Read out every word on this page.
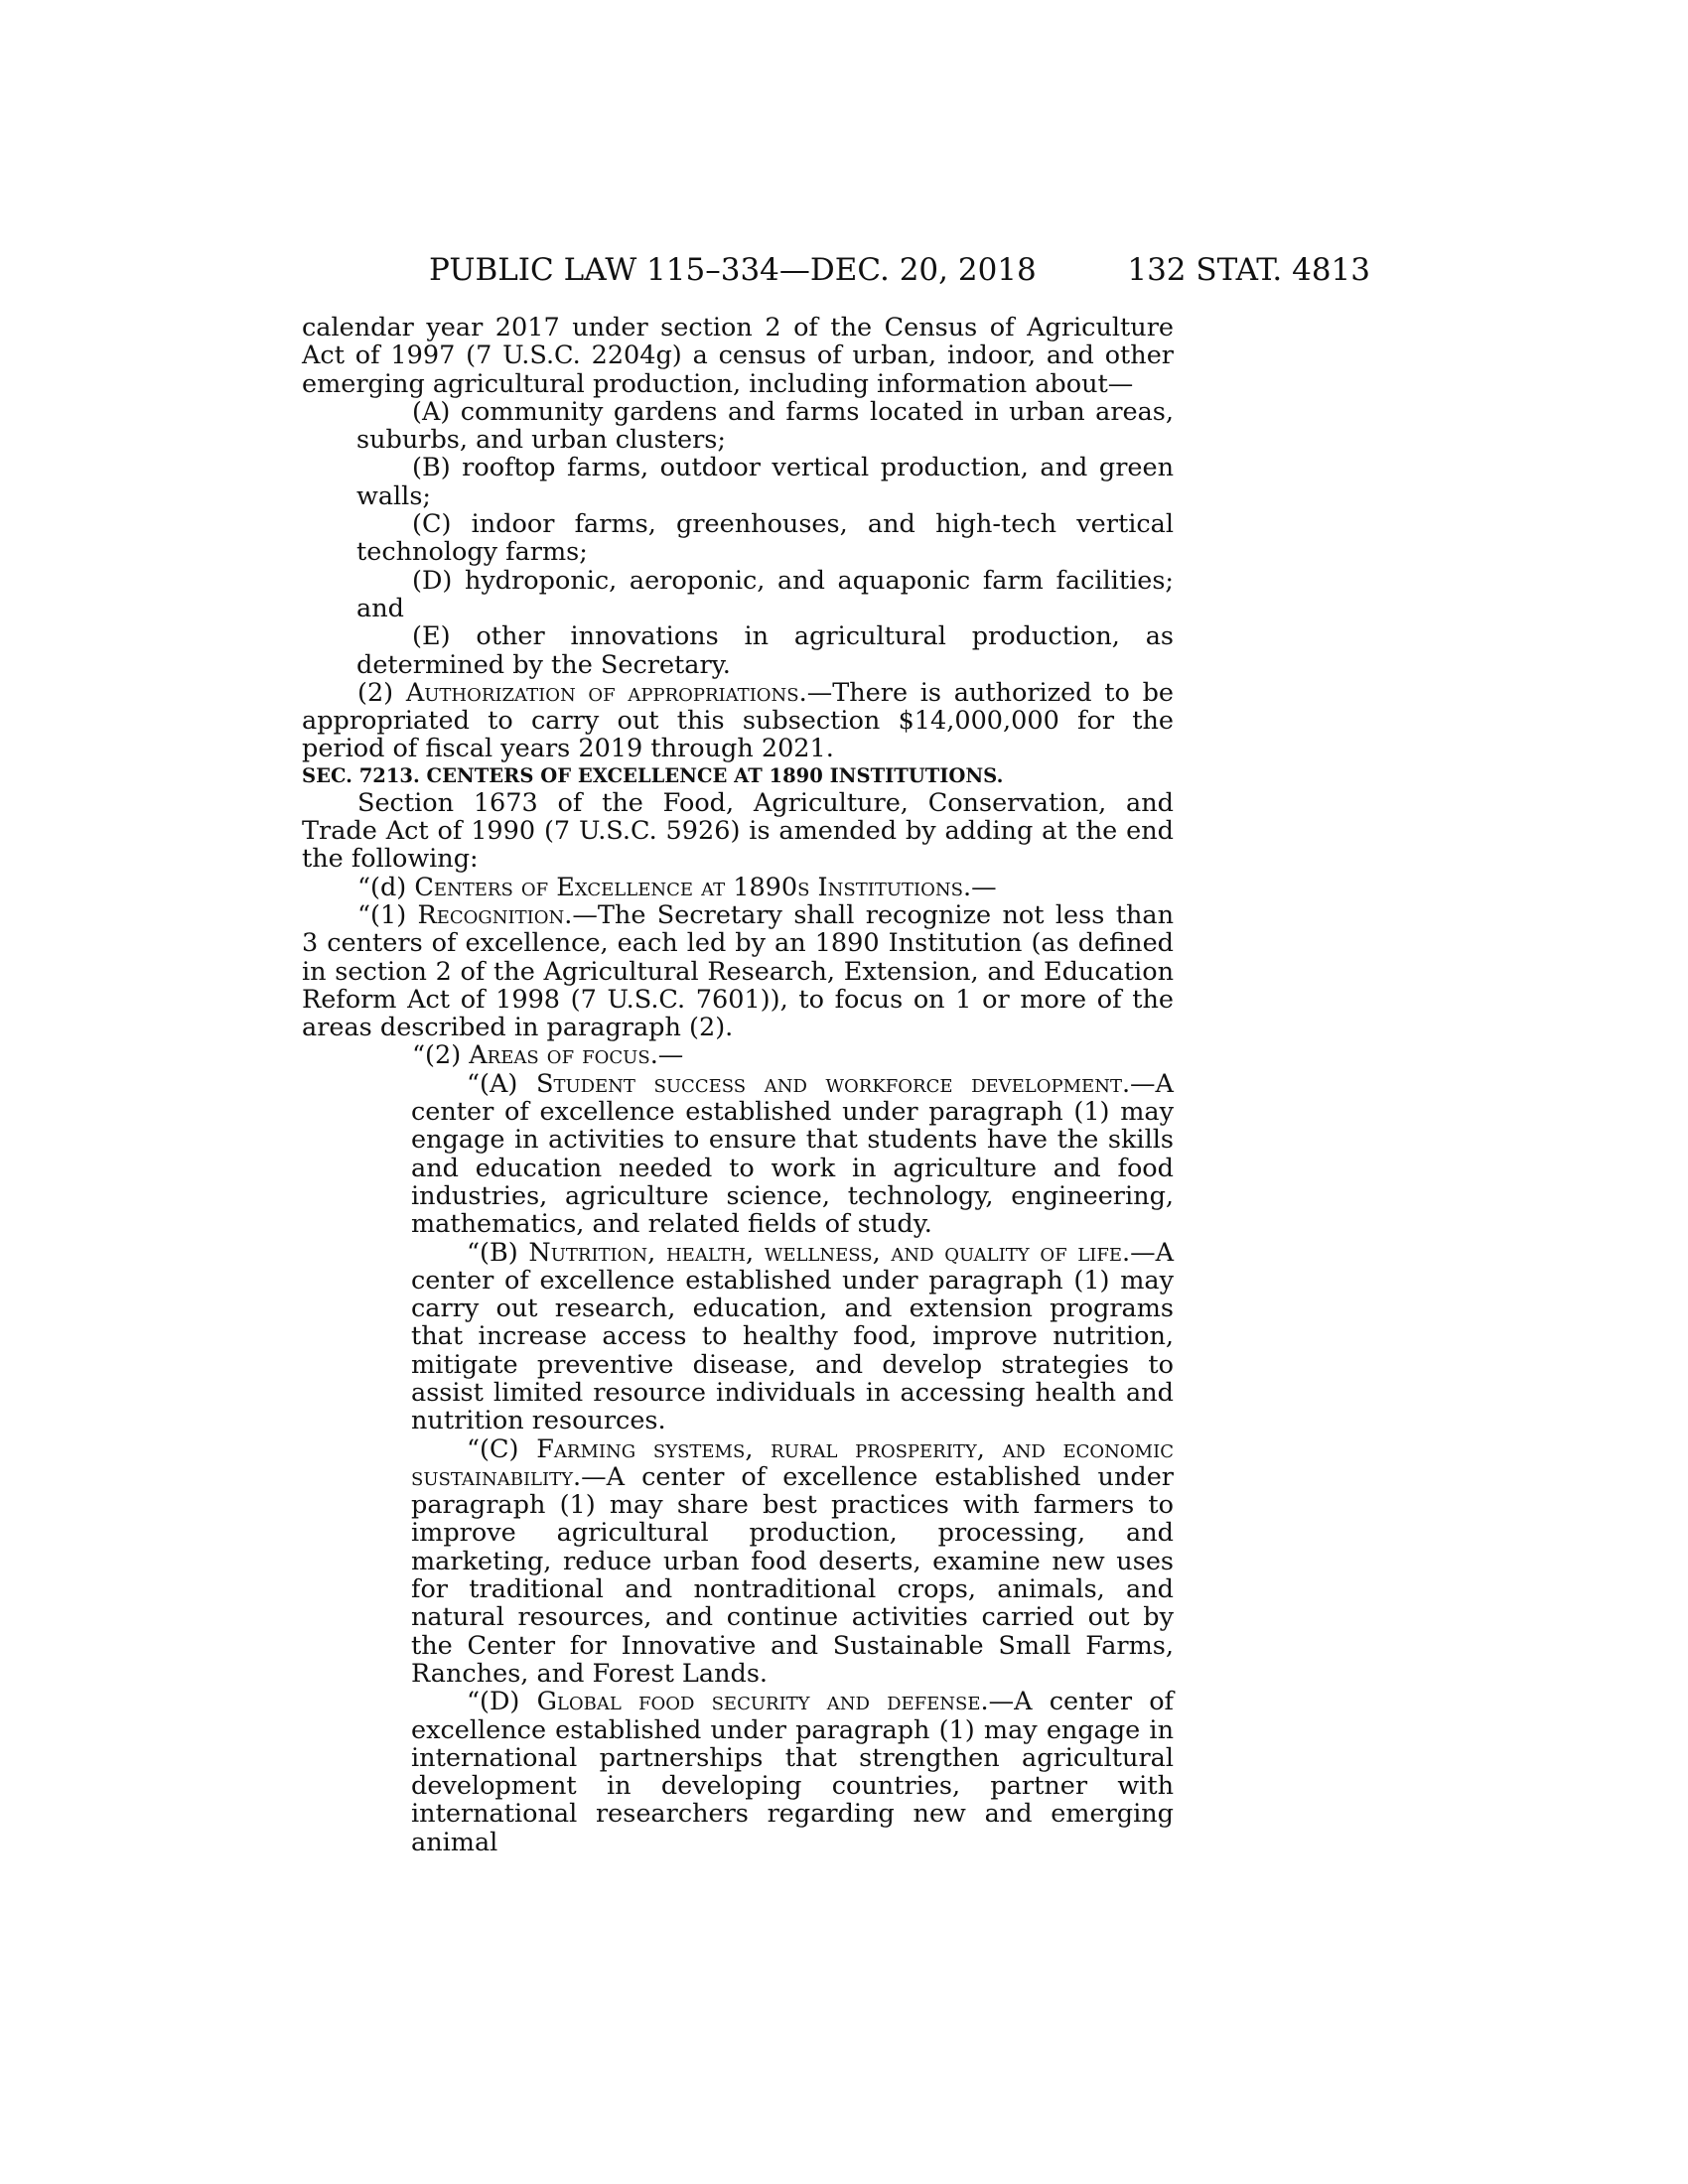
PUBLIC LAW 115–334—DEC. 20, 2018	132 STAT. 4813

calendar year 2017 under section 2 of the Census of Agriculture Act of 1997 (7 U.S.C. 2204g) a census of urban, indoor, and other emerging agricultural production, including information about—

(A) community gardens and farms located in urban areas, suburbs, and urban clusters;

(B) rooftop farms, outdoor vertical production, and green walls;

(C) indoor farms, greenhouses, and high-tech vertical technology farms;

(D) hydroponic, aeroponic, and aquaponic farm facilities; and

(E) other innovations in agricultural production, as determined by the Secretary.

(2) Authorization of appropriations.—There is authorized to be appropriated to carry out this subsection $14,000,000 for the period of fiscal years 2019 through 2021.

SEC. 7213. CENTERS OF EXCELLENCE AT 1890 INSTITUTIONS.

Section 1673 of the Food, Agriculture, Conservation, and Trade Act of 1990 (7 U.S.C. 5926) is amended by adding at the end the following:

“(d) Centers of Excellence at 1890s Institutions.—

“(1) Recognition.—The Secretary shall recognize not less than 3 centers of excellence, each led by an 1890 Institution (as defined in section 2 of the Agricultural Research, Extension, and Education Reform Act of 1998 (7 U.S.C. 7601)), to focus on 1 or more of the areas described in paragraph (2).

“(2) Areas of focus.—

“(A) Student success and workforce development.—A center of excellence established under paragraph (1) may engage in activities to ensure that students have the skills and education needed to work in agriculture and food industries, agriculture science, technology, engineering, mathematics, and related fields of study.

“(B) Nutrition, health, wellness, and quality of life.—A center of excellence established under paragraph (1) may carry out research, education, and extension programs that increase access to healthy food, improve nutrition, mitigate preventive disease, and develop strategies to assist limited resource individuals in accessing health and nutrition resources.

“(C) Farming systems, rural prosperity, and economic sustainability.—A center of excellence established under paragraph (1) may share best practices with farmers to improve agricultural production, processing, and marketing, reduce urban food deserts, examine new uses for traditional and nontraditional crops, animals, and natural resources, and continue activities carried out by the Center for Innovative and Sustainable Small Farms, Ranches, and Forest Lands.

“(D) Global food security and defense.—A center of excellence established under paragraph (1) may engage in international partnerships that strengthen agricultural development in developing countries, partner with international researchers regarding new and emerging animal
